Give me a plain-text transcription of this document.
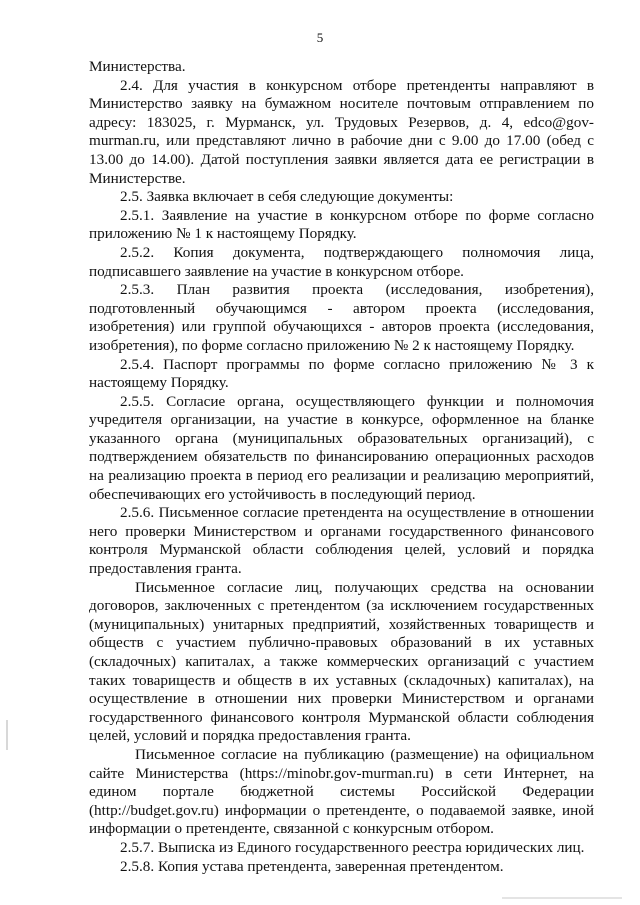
5

Министерства.

2.4. Для участия в конкурсном отборе претенденты направляют в Министерство заявку на бумажном носителе почтовым отправлением по адресу: 183025, г. Мурманск, ул. Трудовых Резервов, д. 4, edco@gov-murman.ru, или представляют лично в рабочие дни с 9.00 до 17.00 (обед с 13.00 до 14.00). Датой поступления заявки является дата ее регистрации в Министерстве.

2.5. Заявка включает в себя следующие документы:

2.5.1. Заявление на участие в конкурсном отборе по форме согласно приложению № 1 к настоящему Порядку.

2.5.2. Копия документа, подтверждающего полномочия лица, подписавшего заявление на участие в конкурсном отборе.

2.5.3. План развития проекта (исследования, изобретения), подготовленный обучающимся - автором проекта (исследования, изобретения) или группой обучающихся - авторов проекта (исследования, изобретения), по форме согласно приложению № 2 к настоящему Порядку.

2.5.4. Паспорт программы по форме согласно приложению № 3 к настоящему Порядку.

2.5.5. Согласие органа, осуществляющего функции и полномочия учредителя организации, на участие в конкурсе, оформленное на бланке указанного органа (муниципальных образовательных организаций), с подтверждением обязательств по финансированию операционных расходов на реализацию проекта в период его реализации и реализацию мероприятий, обеспечивающих его устойчивость в последующий период.

2.5.6. Письменное согласие претендента на осуществление в отношении него проверки Министерством и органами государственного финансового контроля Мурманской области соблюдения целей, условий и порядка предоставления гранта.

Письменное согласие лиц, получающих средства на основании договоров, заключенных с претендентом (за исключением государственных (муниципальных) унитарных предприятий, хозяйственных товариществ и обществ с участием публично-правовых образований в их уставных (складочных) капиталах, а также коммерческих организаций с участием таких товариществ и обществ в их уставных (складочных) капиталах), на осуществление в отношении них проверки Министерством и органами государственного финансового контроля Мурманской области соблюдения целей, условий и порядка предоставления гранта.

Письменное согласие на публикацию (размещение) на официальном сайте Министерства (https://minobr.gov-murman.ru) в сети Интернет, на едином портале бюджетной системы Российской Федерации (http://budget.gov.ru) информации о претенденте, о подаваемой заявке, иной информации о претенденте, связанной с конкурсным отбором.

2.5.7. Выписка из Единого государственного реестра юридических лиц.

2.5.8. Копия устава претендента, заверенная претендентом.
